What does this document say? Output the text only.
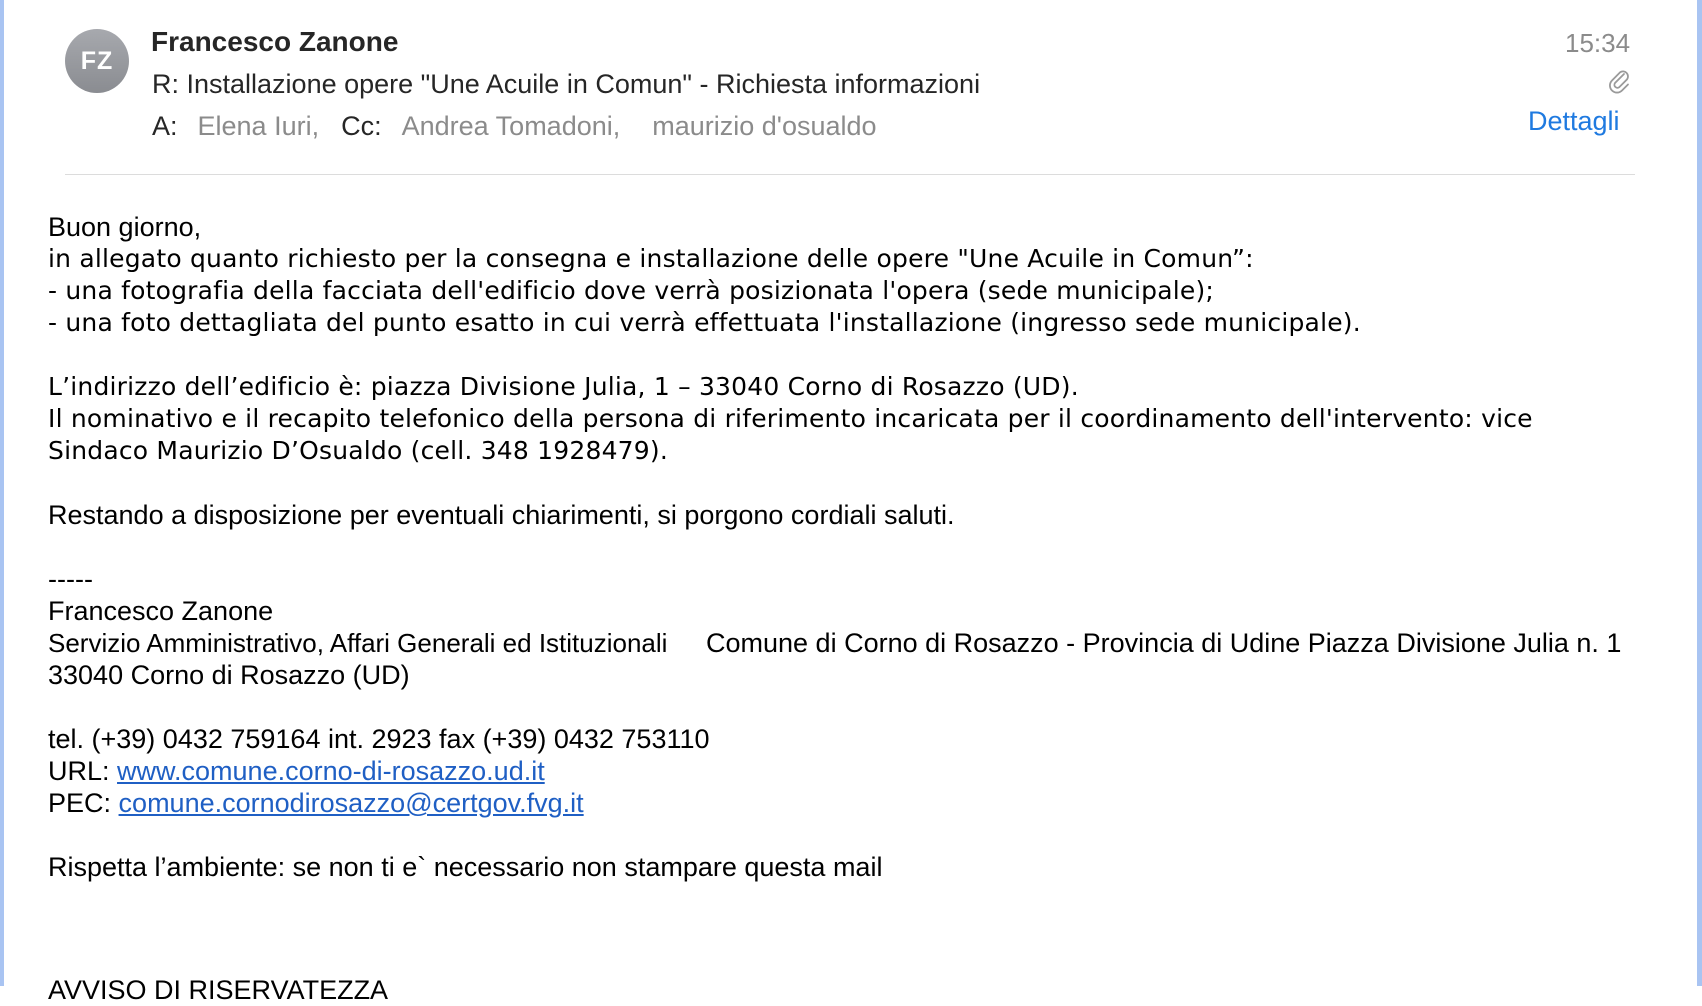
FZ
Francesco Zanone
R: Installazione opere "Une Acuile in Comun" - Richiesta informazioni
A: Elena Iuri, Cc: Andrea Tomadoni, maurizio d'osualdo
15:34
Dettagli
Buon giorno,
in allegato quanto richiesto per la consegna e installazione delle opere "Une Acuile in Comun”:
- una fotografia della facciata dell'edificio dove verrà posizionata l'opera (sede municipale);
- una foto dettagliata del punto esatto in cui verrà effettuata l'installazione (ingresso sede municipale).
L’indirizzo dell’edificio è: piazza Divisione Julia, 1 – 33040 Corno di Rosazzo (UD).
Il nominativo e il recapito telefonico della persona di riferimento incaricata per il coordinamento dell'intervento: vice
Sindaco Maurizio D’Osualdo (cell. 348 1928479).
Restando a disposizione per eventuali chiarimenti, si porgono cordiali saluti.
-----
Francesco Zanone
Servizio Amministrativo, Affari Generali ed Istituzionali	Comune di Corno di Rosazzo - Provincia di Udine Piazza Divisione Julia n. 1
33040 Corno di Rosazzo (UD)
tel. (+39) 0432 759164 int. 2923 fax (+39) 0432 753110
URL: www.comune.corno-di-rosazzo.ud.it
PEC: comune.cornodirosazzo@certgov.fvg.it
Rispetta l’ambiente: se non ti e` necessario non stampare questa mail
AVVISO DI RISERVATEZZA
